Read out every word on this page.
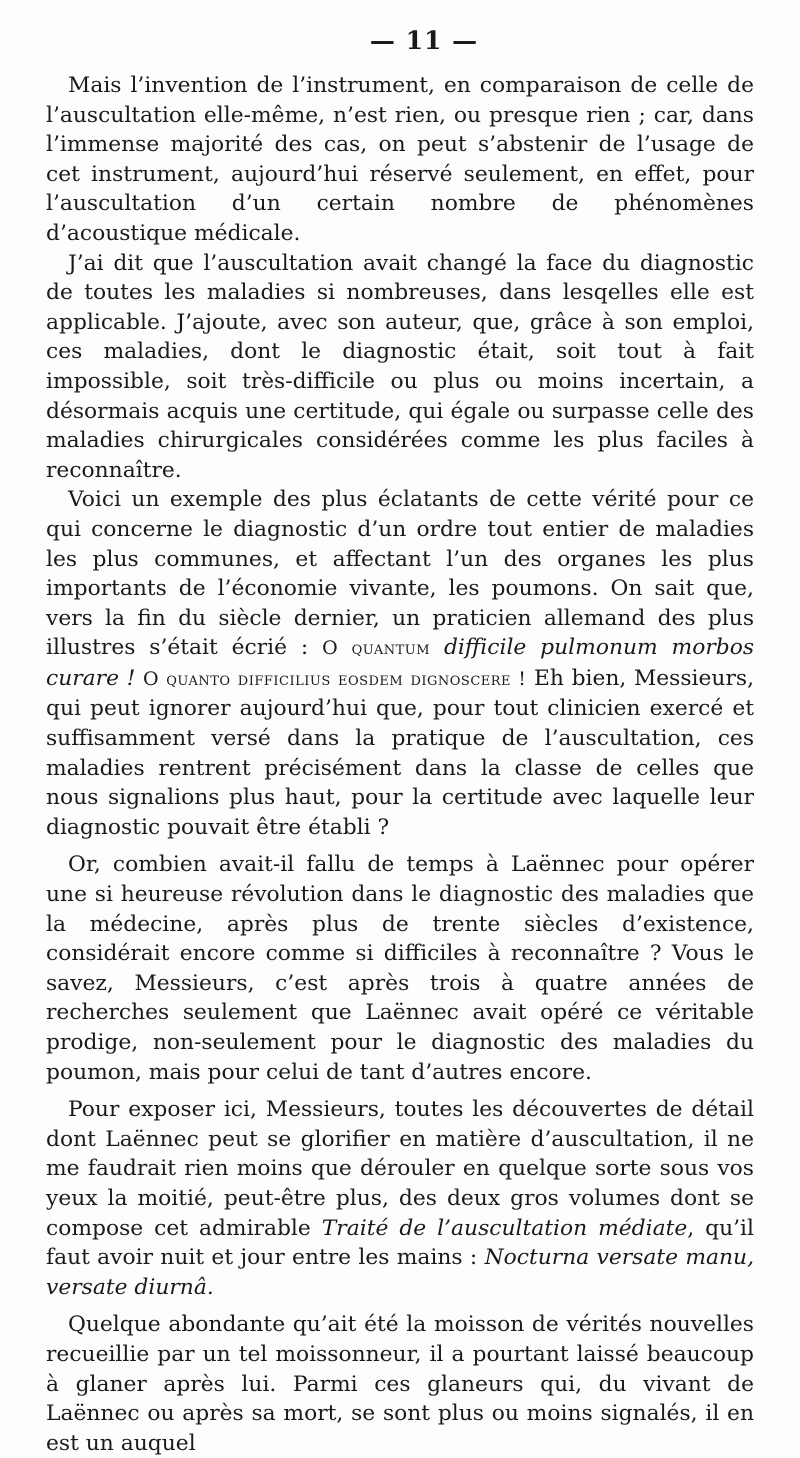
— 11 —

Mais l’invention de l’instrument, en comparaison de celle de l’auscultation elle-même, n’est rien, ou presque rien ; car, dans l’immense majorité des cas, on peut s’abstenir de l’usage de cet instrument, aujourd’hui réservé seulement, en effet, pour l’auscultation d’un certain nombre de phénomènes d’acoustique médicale.

J’ai dit que l’auscultation avait changé la face du diagnostic de toutes les maladies si nombreuses, dans lesqelles elle est applicable. J’ajoute, avec son auteur, que, grâce à son emploi, ces maladies, dont le diagnostic était, soit tout à fait impossible, soit très-difficile ou plus ou moins incertain, a désormais acquis une certitude, qui égale ou surpasse celle des maladies chirurgicales considérées comme les plus faciles à reconnaître.

Voici un exemple des plus éclatants de cette vérité pour ce qui concerne le diagnostic d’un ordre tout entier de maladies les plus communes, et affectant l’un des organes les plus importants de l’économie vivante, les poumons. On sait que, vers la fin du siècle dernier, un praticien allemand des plus illustres s’était écrié : O quantum difficile pulmonum morbos curare ! O quanto difficilius eosdem dignoscere ! Eh bien, Messieurs, qui peut ignorer aujourd’hui que, pour tout clinicien exercé et suffisamment versé dans la pratique de l’auscultation, ces maladies rentrent précisément dans la classe de celles que nous signalions plus haut, pour la certitude avec laquelle leur diagnostic pouvait être établi ?

Or, combien avait-il fallu de temps à Laënnec pour opérer une si heureuse révolution dans le diagnostic des maladies que la médecine, après plus de trente siècles d’existence, considérait encore comme si difficiles à reconnaître ? Vous le savez, Messieurs, c’est après trois à quatre années de recherches seulement que Laënnec avait opéré ce véritable prodige, non-seulement pour le diagnostic des maladies du poumon, mais pour celui de tant d’autres encore.

Pour exposer ici, Messieurs, toutes les découvertes de détail dont Laënnec peut se glorifier en matière d’auscultation, il ne me faudrait rien moins que dérouler en quelque sorte sous vos yeux la moitié, peut-être plus, des deux gros volumes dont se compose cet admirable Traité de l’auscultation médiate, qu’il faut avoir nuit et jour entre les mains : Nocturna versate manu, versate diurnâ.

Quelque abondante qu’ait été la moisson de vérités nouvelles recueillie par un tel moissonneur, il a pourtant laissé beaucoup à glaner après lui. Parmi ces glaneurs qui, du vivant de Laënnec ou après sa mort, se sont plus ou moins signalés, il en est un auquel
